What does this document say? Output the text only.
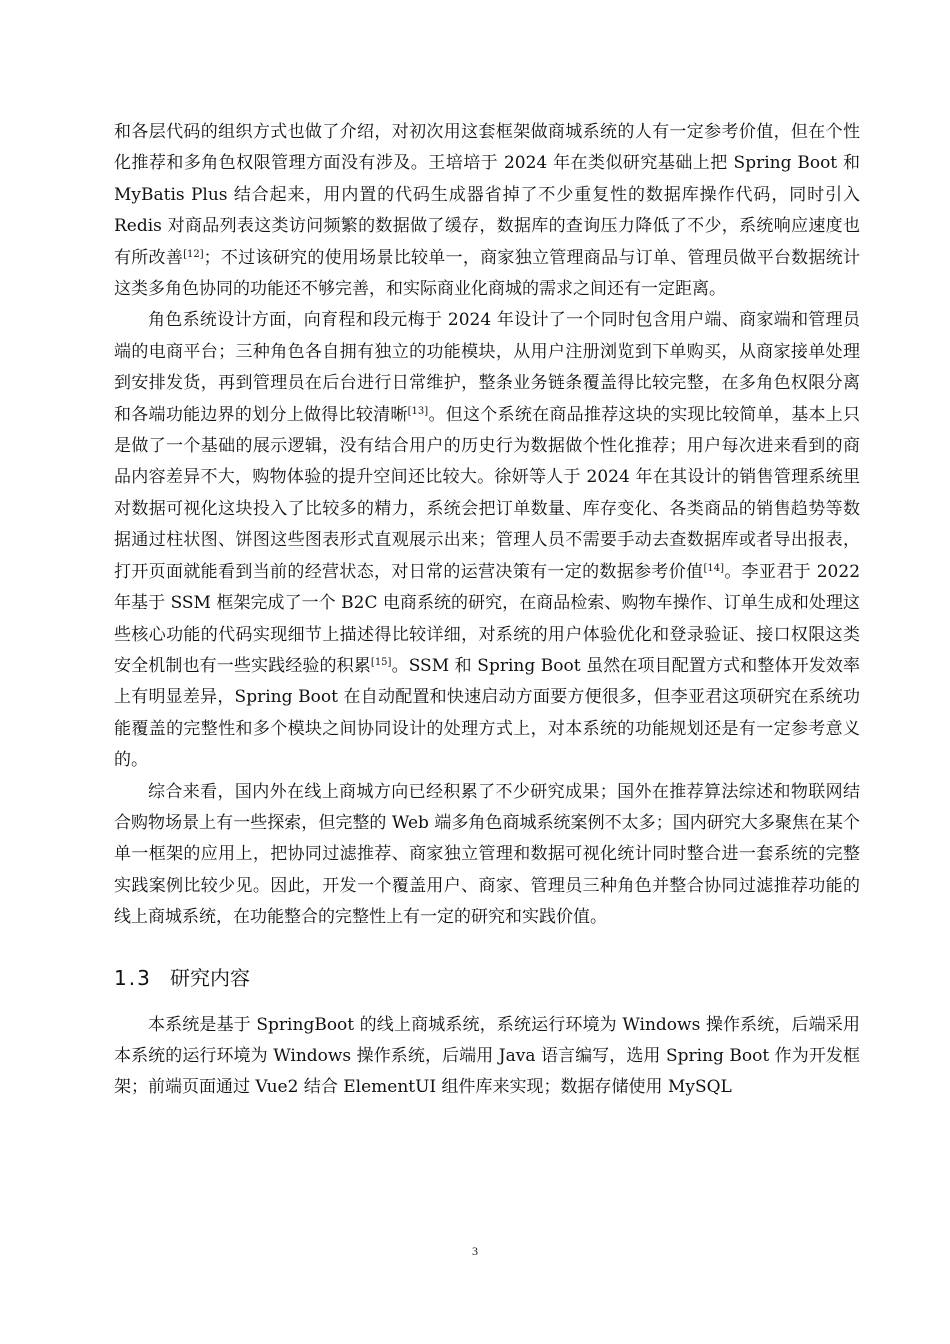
和各层代码的组织方式也做了介绍，对初次用这套框架做商城系统的人有一定参考价值，但在个性化推荐和多角色权限管理方面没有涉及。王培培于 2024 年在类似研究基础上把 Spring Boot 和 MyBatis Plus 结合起来，用内置的代码生成器省掉了不少重复性的数据库操作代码，同时引入 Redis 对商品列表这类访问频繁的数据做了缓存，数据库的查询压力降低了不少，系统响应速度也有所改善[12]；不过该研究的使用场景比较单一，商家独立管理商品与订单、管理员做平台数据统计这类多角色协同的功能还不够完善，和实际商业化商城的需求之间还有一定距离。

角色系统设计方面，向育程和段元梅于 2024 年设计了一个同时包含用户端、商家端和管理员端的电商平台；三种角色各自拥有独立的功能模块，从用户注册浏览到下单购买，从商家接单处理到安排发货，再到管理员在后台进行日常维护，整条业务链条覆盖得比较完整，在多角色权限分离和各端功能边界的划分上做得比较清晰[13]。但这个系统在商品推荐这块的实现比较简单，基本上只是做了一个基础的展示逻辑，没有结合用户的历史行为数据做个性化推荐；用户每次进来看到的商品内容差异不大，购物体验的提升空间还比较大。徐妍等人于 2024 年在其设计的销售管理系统里对数据可视化这块投入了比较多的精力，系统会把订单数量、库存变化、各类商品的销售趋势等数据通过柱状图、饼图这些图表形式直观展示出来；管理人员不需要手动去查数据库或者导出报表，打开页面就能看到当前的经营状态，对日常的运营决策有一定的数据参考价值[14]。李亚君于 2022 年基于 SSM 框架完成了一个 B2C 电商系统的研究，在商品检索、购物车操作、订单生成和处理这些核心功能的代码实现细节上描述得比较详细，对系统的用户体验优化和登录验证、接口权限这类安全机制也有一些实践经验的积累[15]。SSM 和 Spring Boot 虽然在项目配置方式和整体开发效率上有明显差异，Spring Boot 在自动配置和快速启动方面要方便很多，但李亚君这项研究在系统功能覆盖的完整性和多个模块之间协同设计的处理方式上，对本系统的功能规划还是有一定参考意义的。

综合来看，国内外在线上商城方向已经积累了不少研究成果；国外在推荐算法综述和物联网结合购物场景上有一些探索，但完整的 Web 端多角色商城系统案例不太多；国内研究大多聚焦在某个单一框架的应用上，把协同过滤推荐、商家独立管理和数据可视化统计同时整合进一套系统的完整实践案例比较少见。因此，开发一个覆盖用户、商家、管理员三种角色并整合协同过滤推荐功能的线上商城系统，在功能整合的完整性上有一定的研究和实践价值。

1.3 研究内容

本系统是基于 SpringBoot 的线上商城系统，系统运行环境为 Windows 操作系统，后端采用本系统的运行环境为 Windows 操作系统，后端用 Java 语言编写，选用 Spring Boot 作为开发框架；前端页面通过 Vue2 结合 ElementUI 组件库来实现；数据存储使用 MySQL

3
